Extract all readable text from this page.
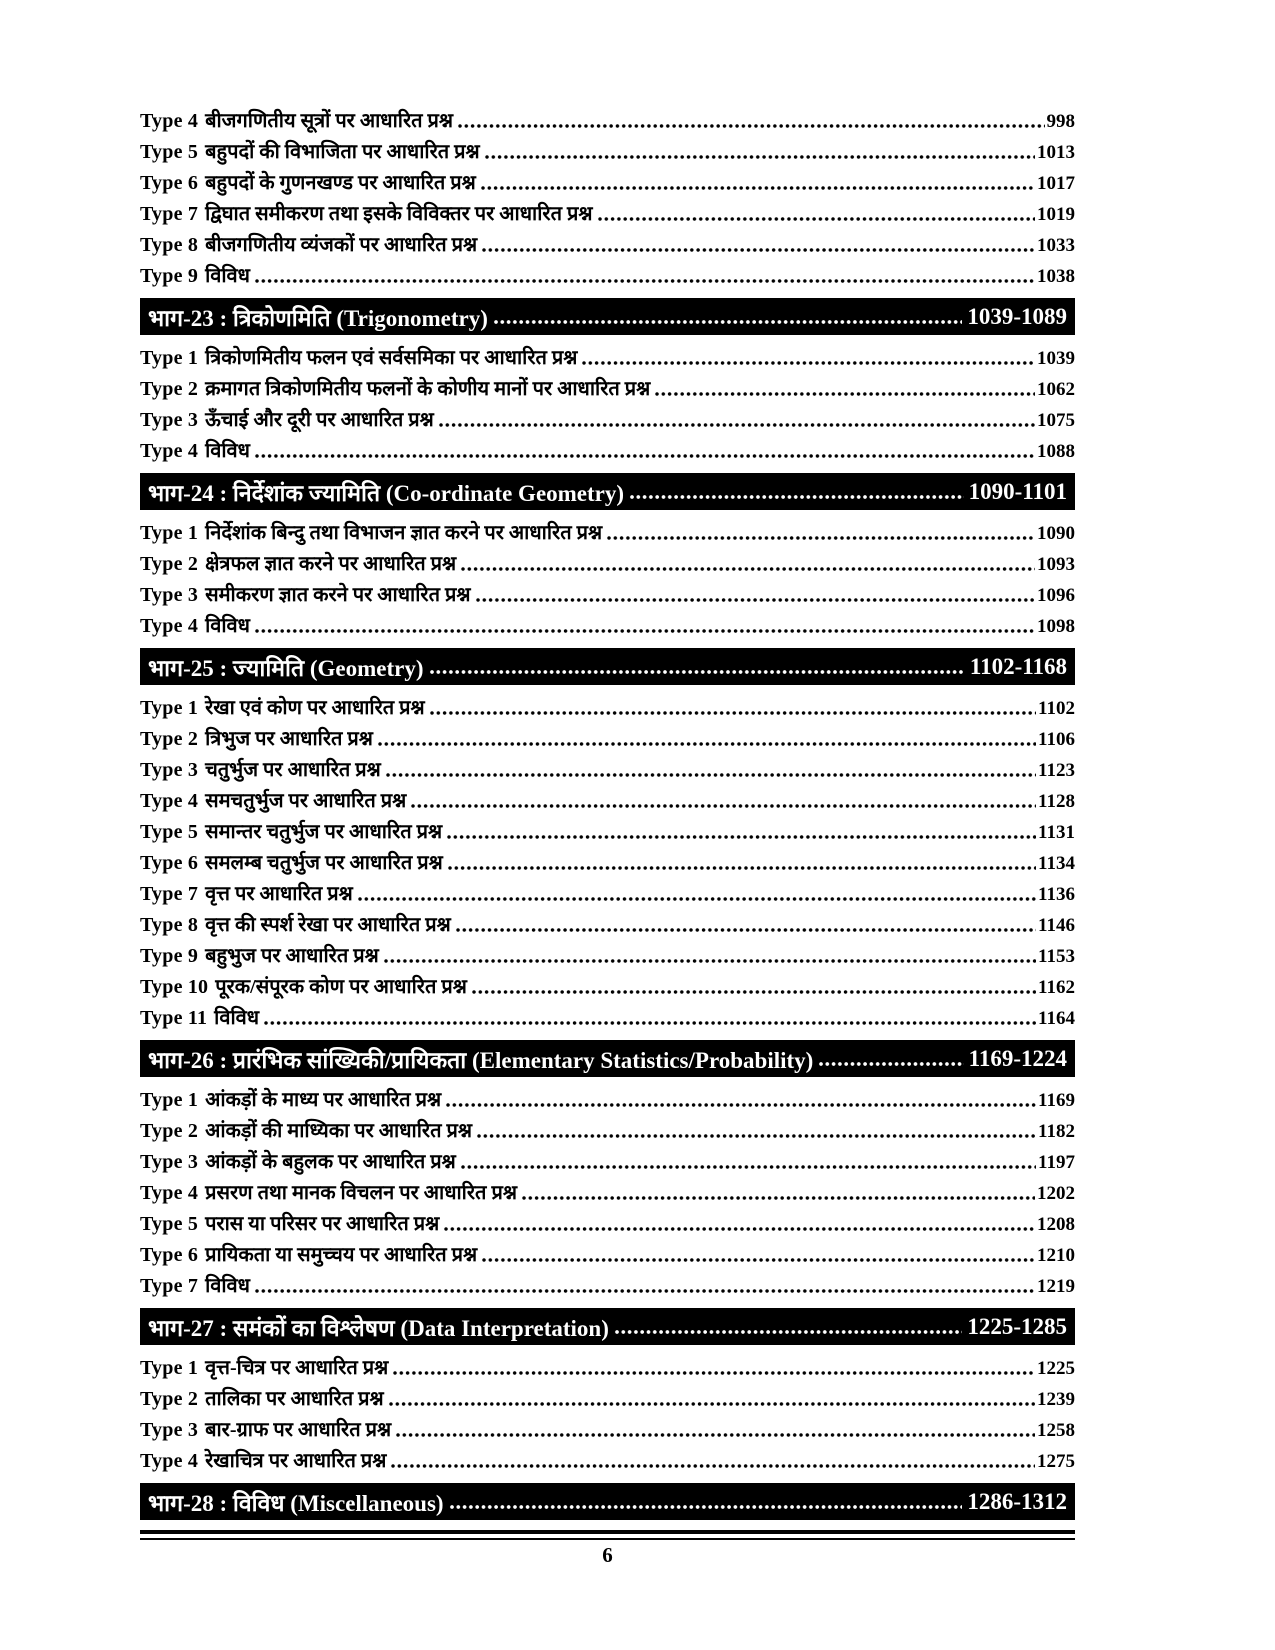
Type 4 बीजगणितीय सूत्रों पर आधारित प्रश्न	998
Type 5 बहुपदों की विभाजिता पर आधारित प्रश्न	1013
Type 6 बहुपदों के गुणनखण्ड पर आधारित प्रश्न	1017
Type 7 द्विघात समीकरण तथा इसके विविक्तर पर आधारित प्रश्न	1019
Type 8 बीजगणितीय व्यंजकों पर आधारित प्रश्न	1033
Type 9 विविध	1038
भाग-23 : त्रिकोणमिति (Trigonometry)	1039-1089
Type 1 त्रिकोणमितीय फलन एवं सर्वसमिका पर आधारित प्रश्न	1039
Type 2 क्रमागत त्रिकोणमितीय फलनों के कोणीय मानों पर आधारित प्रश्न	1062
Type 3 ऊँचाई और दूरी पर आधारित प्रश्न	1075
Type 4 विविध	1088
भाग-24 : निर्देशांक ज्यामिति (Co-ordinate Geometry)	1090-1101
Type 1 निर्देशांक बिन्दु तथा विभाजन ज्ञात करने पर आधारित प्रश्न	1090
Type 2 क्षेत्रफल ज्ञात करने पर आधारित प्रश्न	1093
Type 3 समीकरण ज्ञात करने पर आधारित प्रश्न	1096
Type 4 विविध	1098
भाग-25 : ज्यामिति (Geometry)	1102-1168
Type 1 रेखा एवं कोण पर आधारित प्रश्न	1102
Type 2 त्रिभुज पर आधारित प्रश्न	1106
Type 3 चतुर्भुज पर आधारित प्रश्न	1123
Type 4 समचतुर्भुज पर आधारित प्रश्न	1128
Type 5 समान्तर चतुर्भुज पर आधारित प्रश्न	1131
Type 6 समलम्ब चतुर्भुज पर आधारित प्रश्न	1134
Type 7 वृत्त पर आधारित प्रश्न	1136
Type 8 वृत्त की स्पर्श रेखा पर आधारित प्रश्न	1146
Type 9 बहुभुज पर आधारित प्रश्न	1153
Type 10 पूरक/संपूरक कोण पर आधारित प्रश्न	1162
Type 11 विविध	1164
भाग-26 : प्रारंभिक सांख्यिकी/प्रायिकता (Elementary Statistics/Probability)	1169-1224
Type 1 आंकड़ों के माध्य पर आधारित प्रश्न	1169
Type 2 आंकड़ों की माध्यिका पर आधारित प्रश्न	1182
Type 3 आंकड़ों के बहुलक पर आधारित प्रश्न	1197
Type 4 प्रसरण तथा मानक विचलन पर आधारित प्रश्न	1202
Type 5 परास या परिसर पर आधारित प्रश्न	1208
Type 6 प्रायिकता या समुच्चय पर आधारित प्रश्न	1210
Type 7 विविध	1219
भाग-27 : समंकों का विश्लेषण (Data Interpretation)	1225-1285
Type 1 वृत्त-चित्र पर आधारित प्रश्न	1225
Type 2 तालिका पर आधारित प्रश्न	1239
Type 3 बार-ग्राफ पर आधारित प्रश्न	1258
Type 4 रेखाचित्र पर आधारित प्रश्न	1275
भाग-28 : विविध (Miscellaneous)	1286-1312
6
